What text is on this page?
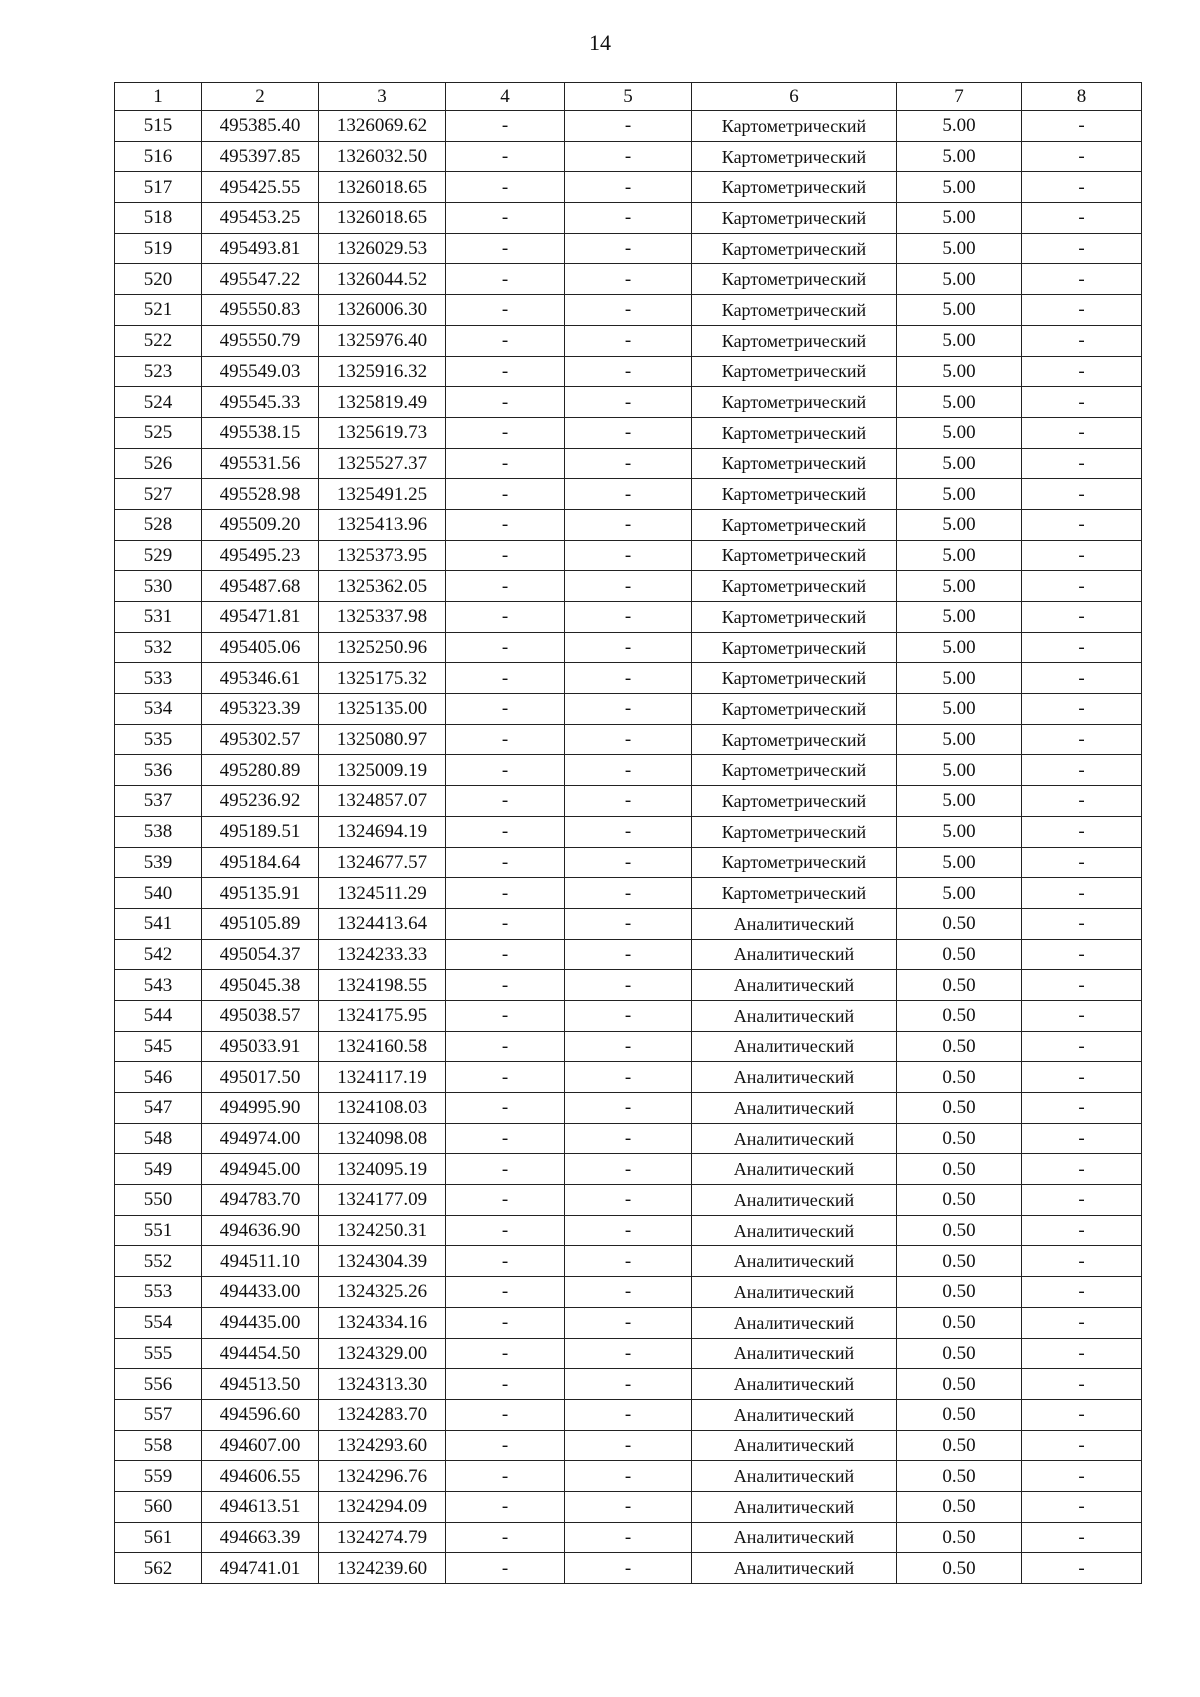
14
1	2	3	4	5	6	7	8
515	495385.40	1326069.62	-	-	Картометрический	5.00	-
516	495397.85	1326032.50	-	-	Картометрический	5.00	-
517	495425.55	1326018.65	-	-	Картометрический	5.00	-
518	495453.25	1326018.65	-	-	Картометрический	5.00	-
519	495493.81	1326029.53	-	-	Картометрический	5.00	-
520	495547.22	1326044.52	-	-	Картометрический	5.00	-
521	495550.83	1326006.30	-	-	Картометрический	5.00	-
522	495550.79	1325976.40	-	-	Картометрический	5.00	-
523	495549.03	1325916.32	-	-	Картометрический	5.00	-
524	495545.33	1325819.49	-	-	Картометрический	5.00	-
525	495538.15	1325619.73	-	-	Картометрический	5.00	-
526	495531.56	1325527.37	-	-	Картометрический	5.00	-
527	495528.98	1325491.25	-	-	Картометрический	5.00	-
528	495509.20	1325413.96	-	-	Картометрический	5.00	-
529	495495.23	1325373.95	-	-	Картометрический	5.00	-
530	495487.68	1325362.05	-	-	Картометрический	5.00	-
531	495471.81	1325337.98	-	-	Картометрический	5.00	-
532	495405.06	1325250.96	-	-	Картометрический	5.00	-
533	495346.61	1325175.32	-	-	Картометрический	5.00	-
534	495323.39	1325135.00	-	-	Картометрический	5.00	-
535	495302.57	1325080.97	-	-	Картометрический	5.00	-
536	495280.89	1325009.19	-	-	Картометрический	5.00	-
537	495236.92	1324857.07	-	-	Картометрический	5.00	-
538	495189.51	1324694.19	-	-	Картометрический	5.00	-
539	495184.64	1324677.57	-	-	Картометрический	5.00	-
540	495135.91	1324511.29	-	-	Картометрический	5.00	-
541	495105.89	1324413.64	-	-	Аналитический	0.50	-
542	495054.37	1324233.33	-	-	Аналитический	0.50	-
543	495045.38	1324198.55	-	-	Аналитический	0.50	-
544	495038.57	1324175.95	-	-	Аналитический	0.50	-
545	495033.91	1324160.58	-	-	Аналитический	0.50	-
546	495017.50	1324117.19	-	-	Аналитический	0.50	-
547	494995.90	1324108.03	-	-	Аналитический	0.50	-
548	494974.00	1324098.08	-	-	Аналитический	0.50	-
549	494945.00	1324095.19	-	-	Аналитический	0.50	-
550	494783.70	1324177.09	-	-	Аналитический	0.50	-
551	494636.90	1324250.31	-	-	Аналитический	0.50	-
552	494511.10	1324304.39	-	-	Аналитический	0.50	-
553	494433.00	1324325.26	-	-	Аналитический	0.50	-
554	494435.00	1324334.16	-	-	Аналитический	0.50	-
555	494454.50	1324329.00	-	-	Аналитический	0.50	-
556	494513.50	1324313.30	-	-	Аналитический	0.50	-
557	494596.60	1324283.70	-	-	Аналитический	0.50	-
558	494607.00	1324293.60	-	-	Аналитический	0.50	-
559	494606.55	1324296.76	-	-	Аналитический	0.50	-
560	494613.51	1324294.09	-	-	Аналитический	0.50	-
561	494663.39	1324274.79	-	-	Аналитический	0.50	-
562	494741.01	1324239.60	-	-	Аналитический	0.50	-
